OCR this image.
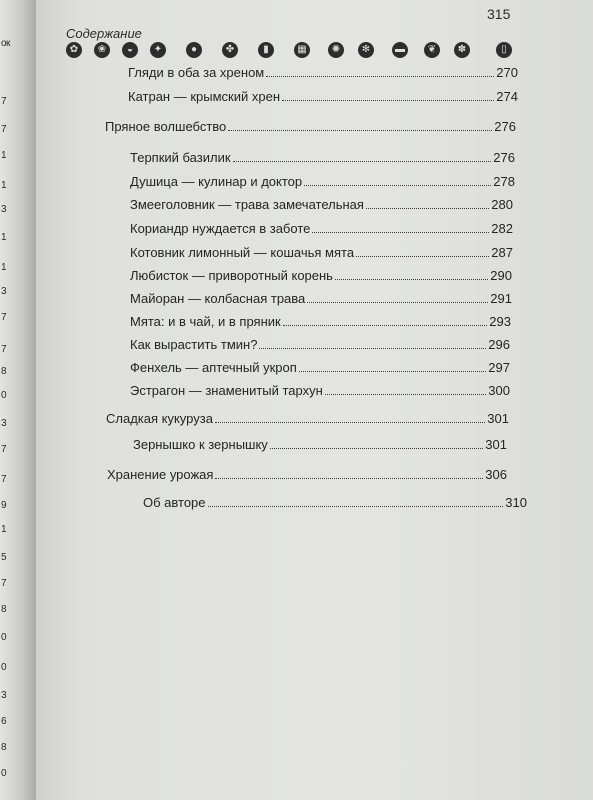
ок
7
7
1
1
3
1
1
3
7
7
8
0
3
7
7
9
1
5
7
8
0
0
3
6
8
0
315
Содержание
✿	❀	◒	✦	●	✤	▮	▦	✺	✻	▬	❦	✽	▯
Гляди в оба за хреном	270
Катран — крымский хрен	274
Пряное волшебство	276
Терпкий базилик	276
Душица — кулинар и доктор	278
Змееголовник — трава замечательная	280
Кориандр нуждается в заботе	282
Котовник лимонный — кошачья мята	287
Любисток — приворотный корень	290
Майоран — колбасная трава	291
Мята: и в чай, и в пряник	293
Как вырастить тмин?	296
Фенхель — аптечный укроп	297
Эстрагон — знаменитый тархун	300
Сладкая кукуруза	301
Зернышко к зернышку	301
Хранение урожая	306
Об авторе	310
